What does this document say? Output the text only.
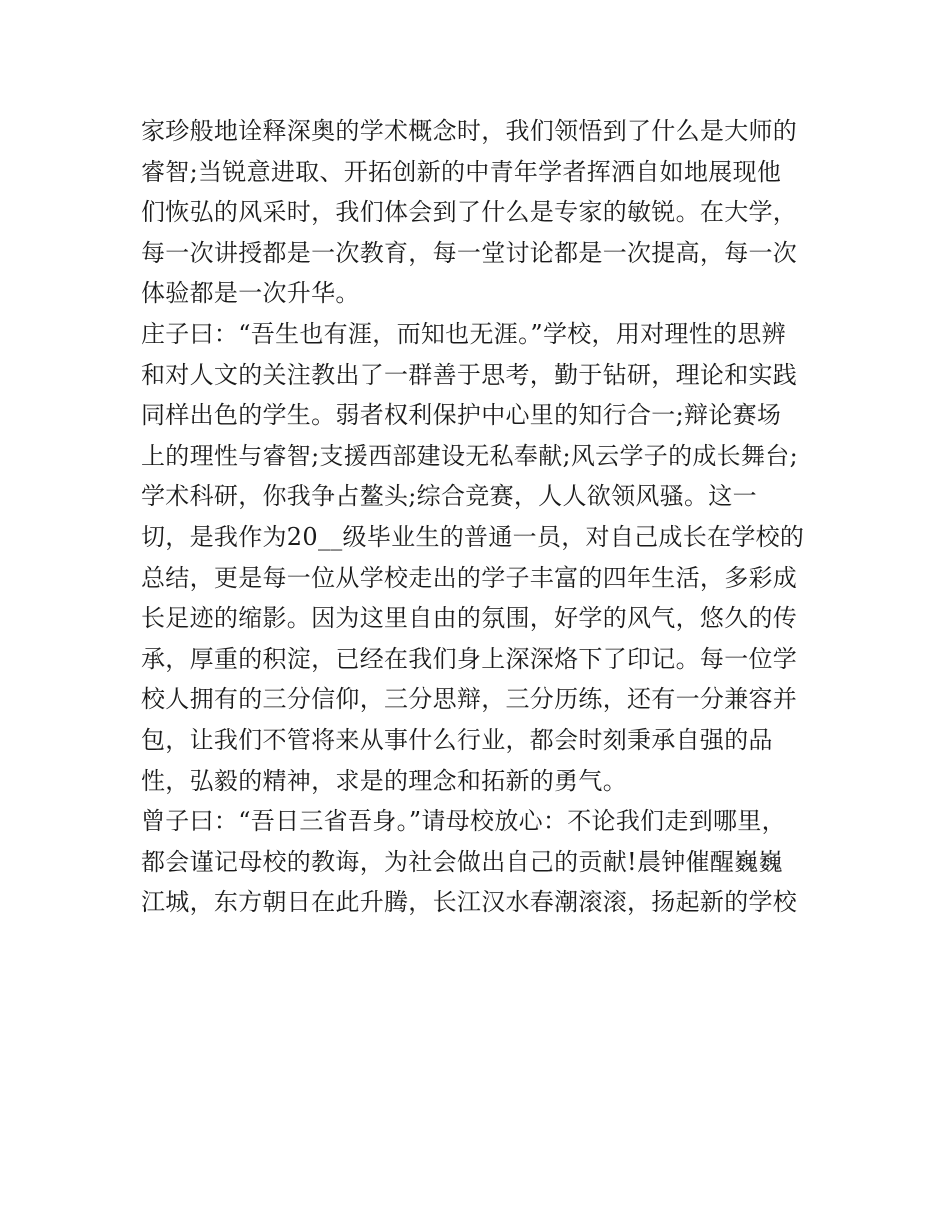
家珍般地诠释深奥的学术概念时，我们领悟到了什么是大师的
睿智;当锐意进取、开拓创新的中青年学者挥洒自如地展现他
们恢弘的风采时，我们体会到了什么是专家的敏锐。在大学，
每一次讲授都是一次教育，每一堂讨论都是一次提高，每一次
体验都是一次升华。
庄子曰：“吾生也有涯，而知也无涯。”学校，用对理性的思辨
和对人文的关注教出了一群善于思考，勤于钻研，理论和实践
同样出色的学生。弱者权利保护中心里的知行合一;辩论赛场
上的理性与睿智;支援西部建设无私奉献;风云学子的成长舞台;
学术科研，你我争占鳌头;综合竞赛，人人欲领风骚。这一
切，是我作为20__级毕业生的普通一员，对自己成长在学校的
总结，更是每一位从学校走出的学子丰富的四年生活，多彩成
长足迹的缩影。因为这里自由的氛围，好学的风气，悠久的传
承，厚重的积淀，已经在我们身上深深烙下了印记。每一位学
校人拥有的三分信仰，三分思辩，三分历练，还有一分兼容并
包，让我们不管将来从事什么行业，都会时刻秉承自强的品
性，弘毅的精神，求是的理念和拓新的勇气。
曾子曰：“吾日三省吾身。”请母校放心：不论我们走到哪里，
都会谨记母校的教诲，为社会做出自己的贡献!晨钟催醒巍巍
江城，东方朝日在此升腾，长江汉水春潮滚滚，扬起新的学校
